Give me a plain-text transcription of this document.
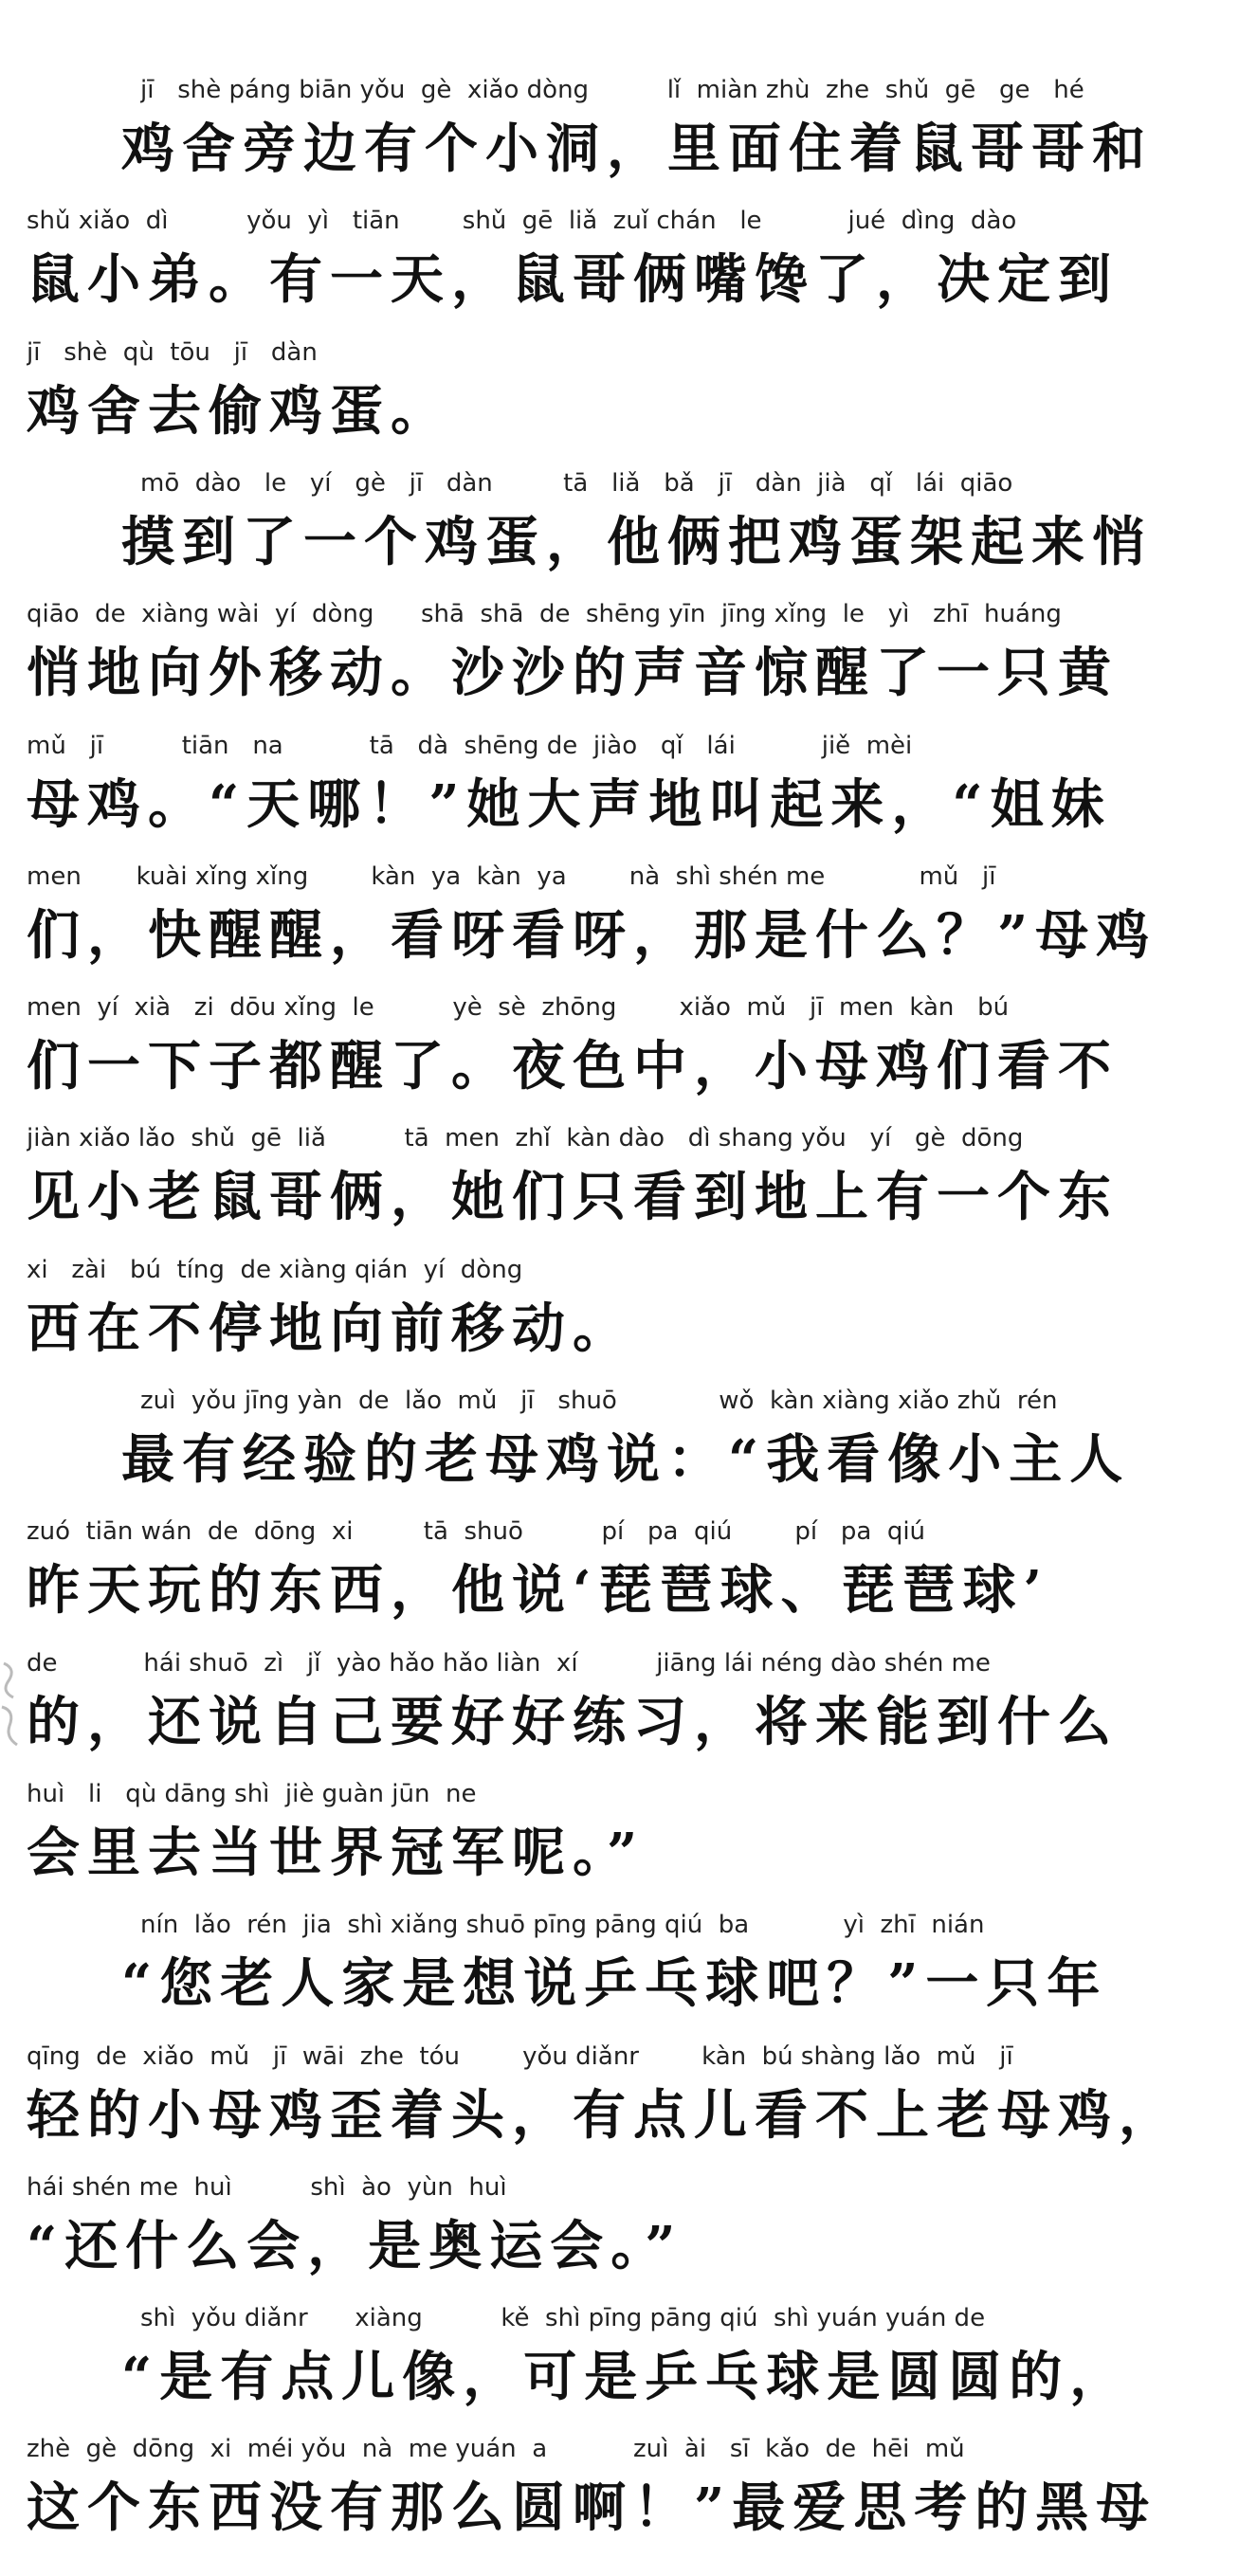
jī   shè páng biān yǒu  gè  xiǎo dòng          lǐ  miàn zhù  zhe  shǔ  gē   ge   hé
鸡舍旁边有个小洞，里面住着鼠哥哥和
shǔ xiǎo  dì          yǒu  yì   tiān        shǔ  gē  liǎ  zuǐ chán   le           jué  dìng  dào
鼠小弟。有一天，鼠哥俩嘴馋了，决定到
jī   shè  qù  tōu   jī   dàn
鸡舍去偷鸡蛋。
mō  dào   le   yí   gè   jī   dàn         tā   liǎ   bǎ   jī   dàn  jià   qǐ   lái  qiāo
摸到了一个鸡蛋，他俩把鸡蛋架起来悄
qiāo  de  xiàng wài  yí  dòng      shā  shā  de  shēng yīn  jīng xǐng  le   yì   zhī  huáng
悄地向外移动。沙沙的声音惊醒了一只黄
mǔ   jī          tiān   na           tā   dà  shēng de  jiào   qǐ   lái           jiě  mèi
母鸡。“天哪！”她大声地叫起来，“姐妹
men       kuài xǐng xǐng        kàn  ya  kàn  ya        nà  shì shén me            mǔ   jī
们，快醒醒，看呀看呀，那是什么？”母鸡
men  yí  xià   zi  dōu xǐng  le          yè  sè  zhōng        xiǎo  mǔ   jī  men  kàn   bú
们一下子都醒了。夜色中，小母鸡们看不
jiàn xiǎo lǎo  shǔ  gē  liǎ          tā  men  zhǐ  kàn dào   dì shang yǒu   yí   gè  dōng
见小老鼠哥俩，她们只看到地上有一个东
xi   zài   bú  tíng  de xiàng qián  yí  dòng
西在不停地向前移动。
zuì  yǒu jīng yàn  de  lǎo  mǔ   jī   shuō             wǒ  kàn xiàng xiǎo zhǔ  rén
最有经验的老母鸡说：“我看像小主人
zuó  tiān wán  de  dōng  xi         tā  shuō          pí   pa  qiú        pí   pa  qiú
昨天玩的东西，他说‘琵琶球、琵琶球’
de           hái shuō  zì   jǐ  yào hǎo hǎo liàn  xí          jiāng lái néng dào shén me
的，还说自己要好好练习，将来能到什么
huì   li   qù dāng shì  jiè guàn jūn  ne
会里去当世界冠军呢。”
nín  lǎo  rén  jia  shì xiǎng shuō pīng pāng qiú  ba            yì  zhī  nián
“您老人家是想说乒乓球吧？”一只年
qīng  de  xiǎo  mǔ   jī  wāi  zhe  tóu        yǒu diǎnr        kàn  bú shàng lǎo  mǔ   jī
轻的小母鸡歪着头，有点儿看不上老母鸡，
hái shén me  huì          shì  ào  yùn  huì
“还什么会，是奥运会。”
shì  yǒu diǎnr      xiàng          kě  shì pīng pāng qiú  shì yuán yuán de
“是有点儿像，可是乒乓球是圆圆的，
zhè  gè  dōng  xi  méi yǒu  nà  me yuán  a           zuì  ài   sī  kǎo  de  hēi  mǔ
这个东西没有那么圆啊！”最爱思考的黑母
